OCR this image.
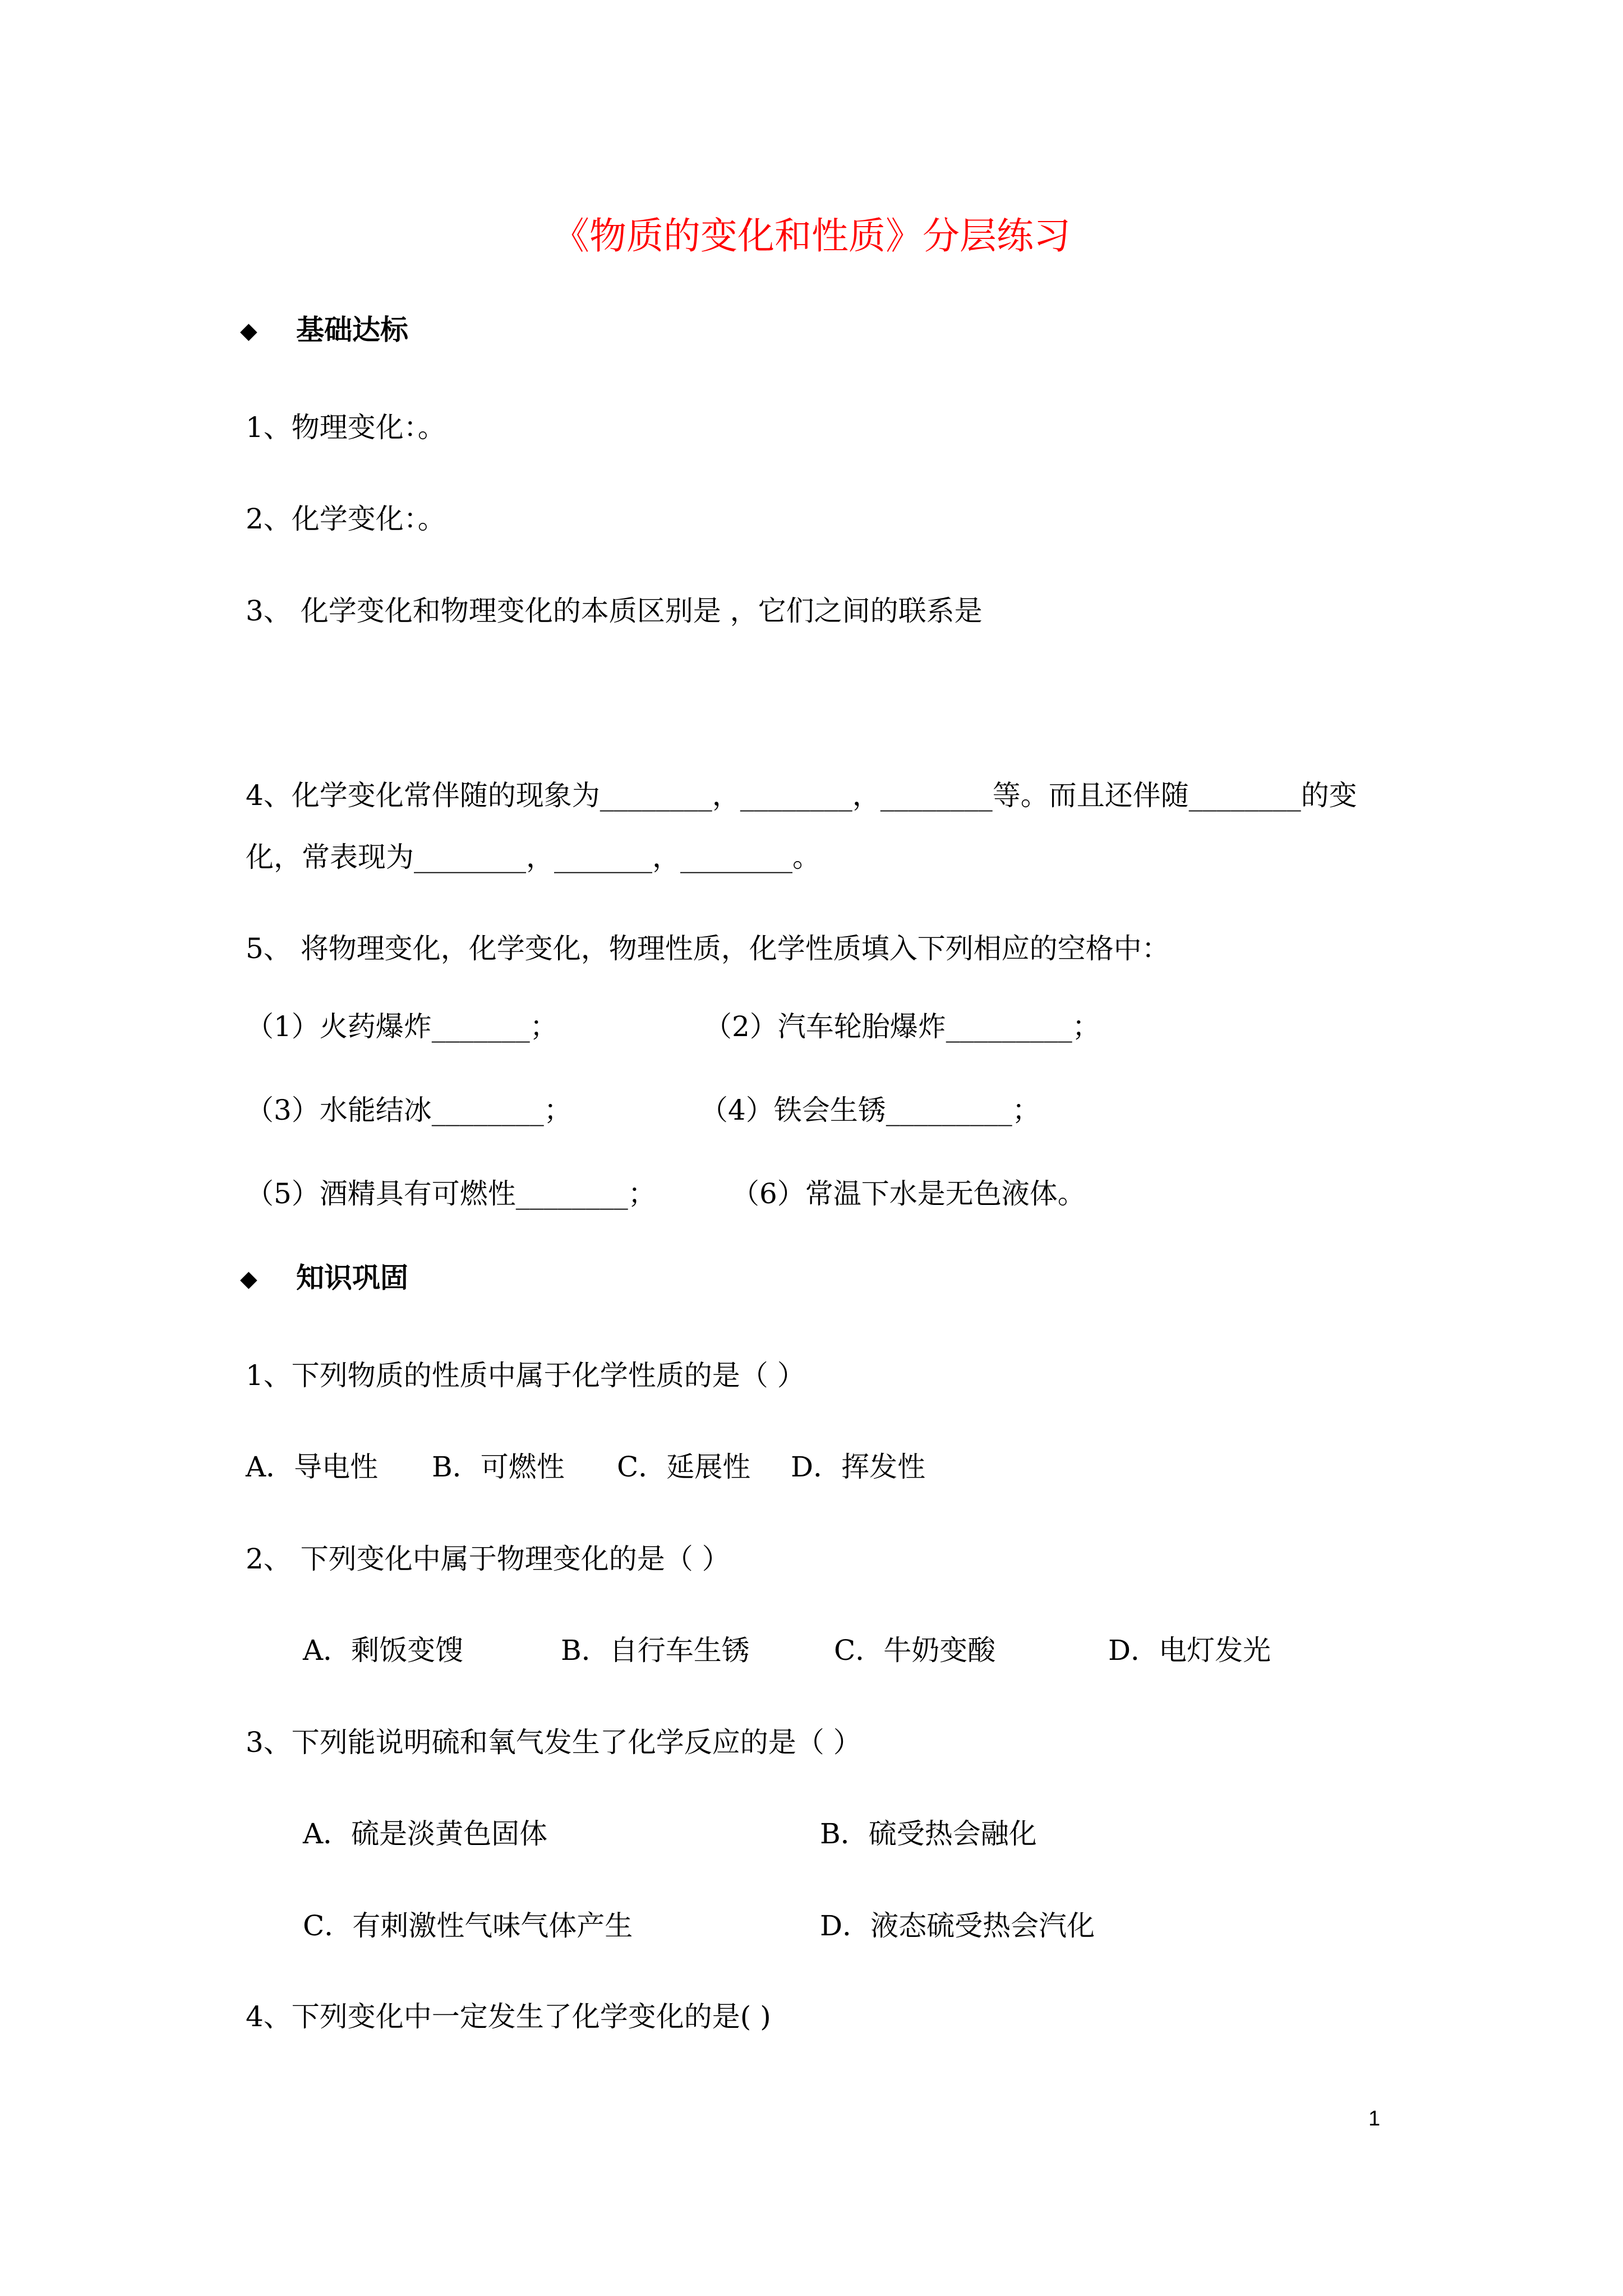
《物质的变化和性质》分层练习
◆ 基础达标
1、物理变化：。
2、化学变化：。
3、 化学变化和物理变化的本质区别是 ，它们之间的联系是
4、化学变化常伴随的现象为________，________，________等。而且还伴随________的变
化，常表现为________，_______，________。
5、 将物理变化，化学变化，物理性质，化学性质填入下列相应的空格中：
（1）火药爆炸_______；	（2）汽车轮胎爆炸_________；
（3）水能结冰________；	（4）铁会生锈_________；
（5）酒精具有可燃性________；	（6）常温下水是无色液体。
◆ 知识巩固
1、下列物质的性质中属于化学性质的是（ ）
A．导电性 B．可燃性 C．延展性 D．挥发性
2、 下列变化中属于物理变化的是（ ）
A．剩饭变馊	B．自行车生锈	C．牛奶变酸	D．电灯发光
3、下列能说明硫和氧气发生了化学反应的是（ ）
A．硫是淡黄色固体	B．硫受热会融化
C．有刺激性气味气体产生	D．液态硫受热会汽化
4、下列变化中一定发生了化学变化的是( )
1
